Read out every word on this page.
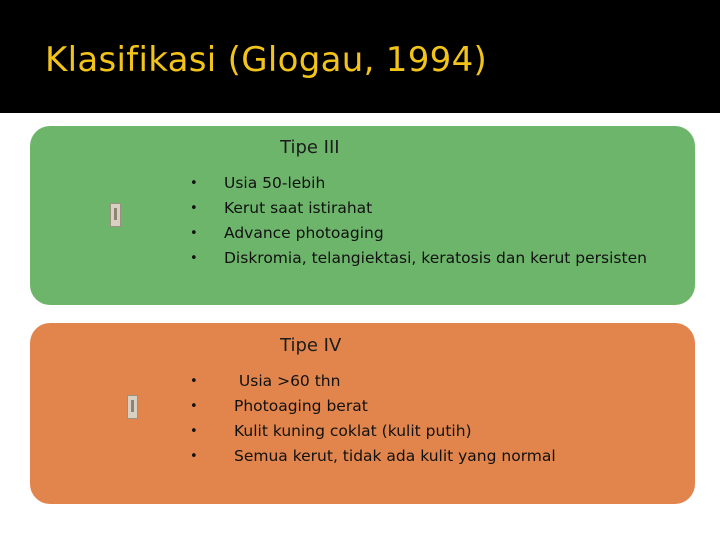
Klasifikasi (Glogau, 1994)
Tipe III
• Usia 50-lebih
• Kerut saat istirahat
• Advance photoaging
• Diskromia, telangiektasi, keratosis dan kerut persisten
Tipe IV
• Usia >60 thn
• Photoaging berat
• Kulit kuning coklat (kulit putih)
• Semua kerut, tidak ada kulit yang normal
